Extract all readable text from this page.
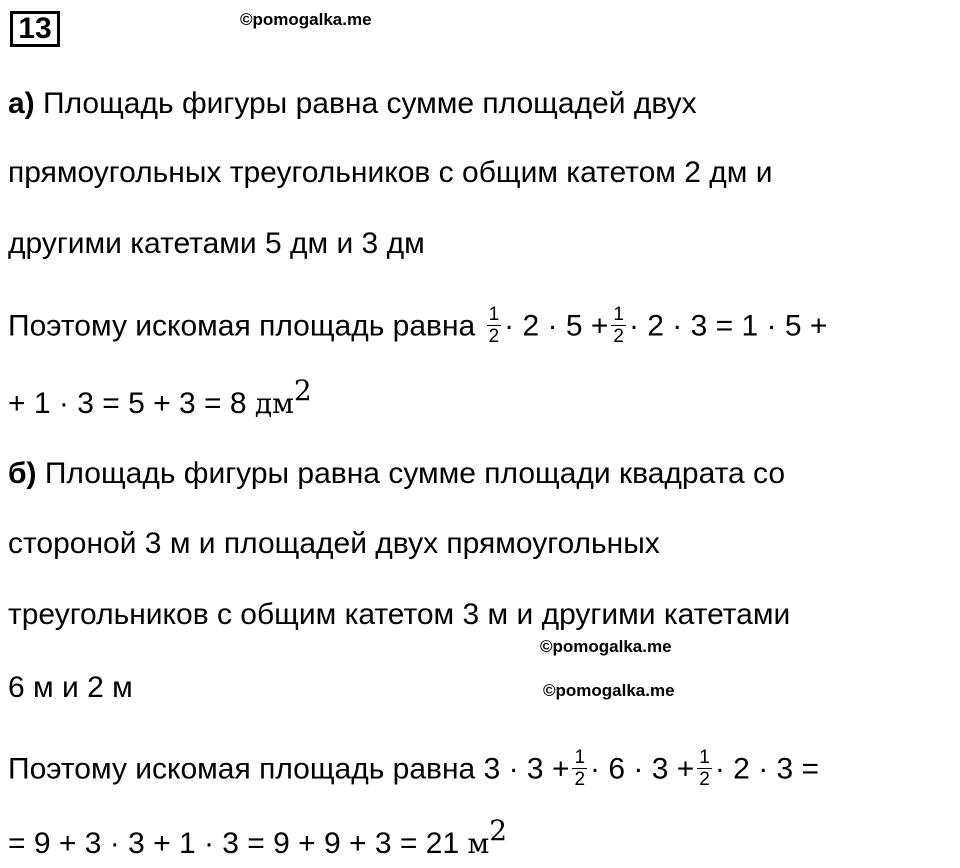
13	©pomogalka.me
©pomogalka.me
©pomogalka.me
а) Площадь фигуры равна сумме площадей двух
прямоугольных треугольников с общим катетом 2 дм и
другими катетами 5 дм и 3 дм
Поэтому искомая площадь равна $\frac{1}{2} \cdot 2 \cdot 5 + \frac{1}{2} \cdot 2 \cdot 3 = 1 \cdot 5$ +
+ 1 · 3 = 5 + 3 = 8 $дм^2$
б) Площадь фигуры равна сумме площади квадрата со
стороной 3 м и площадей двух прямоугольных
треугольников с общим катетом 3 м и другими катетами
6 м и 2 м
Поэтому искомая площадь равна $3 \cdot 3 + \frac{1}{2} \cdot 6 \cdot 3 + \frac{1}{2} \cdot 2 \cdot 3$ =
= 9 + 3 · 3 + 1 · 3 = 9 + 9 + 3 = 21 $м^2$
